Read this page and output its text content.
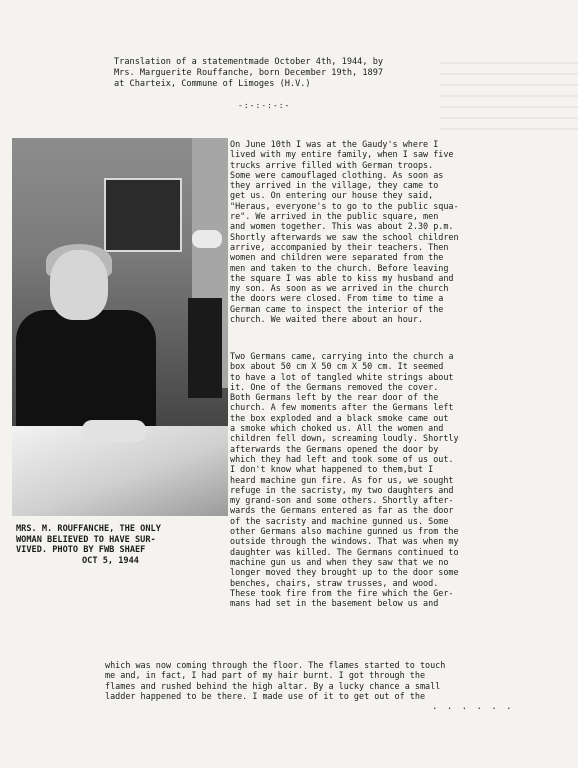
Translation of a statementmade October 4th, 1944, by
Mrs. Marguerite Rouffanche, born December 19th, 1897
at Charteix, Commune of Limoges (H.V.)
-:-:-:-:-
MRS. M. ROUFFANCHE, THE ONLY
WOMAN BELIEVED TO HAVE SUR-
VIVED. PHOTO BY FWB SHAEF
OCT 5, 1944
On June 10th I was at the Gaudy's where I
lived with my entire family, when I saw five
trucks arrive filled with German troops.
Some were camouflaged clothing. As soon as
they arrived in the village, they came to
get us. On entering our house they said,
"Heraus, everyone's to go to the public squa-
re". We arrived in the public square, men
and women together. This was about 2.30 p.m.
Shortly afterwards we saw the school children
arrive, accompanied by their teachers. Then
women and children were separated from the
men and taken to the church. Before leaving
the square I was able to kiss my husband and
my son. As soon as we arrived in the church
the doors were closed. From time to time a
German came to inspect the interior of the
church. We waited there about an hour.
Two Germans came, carrying into the church a
box about 50 cm X 50 cm X 50 cm. It seemed
to have a lot of tangled white strings about
it. One of the Germans removed the cover.
Both Germans left by the rear door of the
church. A few moments after the Germans left
the box exploded and a black smoke came out
a smoke which choked us. All the women and
children fell down, screaming loudly. Shortly
afterwards the Germans opened the door by
which they had left and took some of us out.
I don't know what happened to them,but I
heard machine gun fire. As for us, we sought
refuge in the sacristy, my two daughters and
my grand-son and some others. Shortly after-
wards the Germans entered as far as the door
of the sacristy and machine gunned us. Some
other Germans also machine gunned us from the
outside through the windows. That was when my
daughter was killed. The Germans continued to
machine gun us and when they saw that we no
longer moved they brought up to the door some
benches, chairs, straw trusses, and wood.
These took fire from the fire which the Ger-
mans had set in the basement below us and
which was now coming through the floor. The flames started to touch
me and, in fact, I had part of my hair burnt. I got through the
flames and rushed behind the high altar. By a lucky chance a small
ladder happened to be there. I made use of it to get out of the
. . . . . .
